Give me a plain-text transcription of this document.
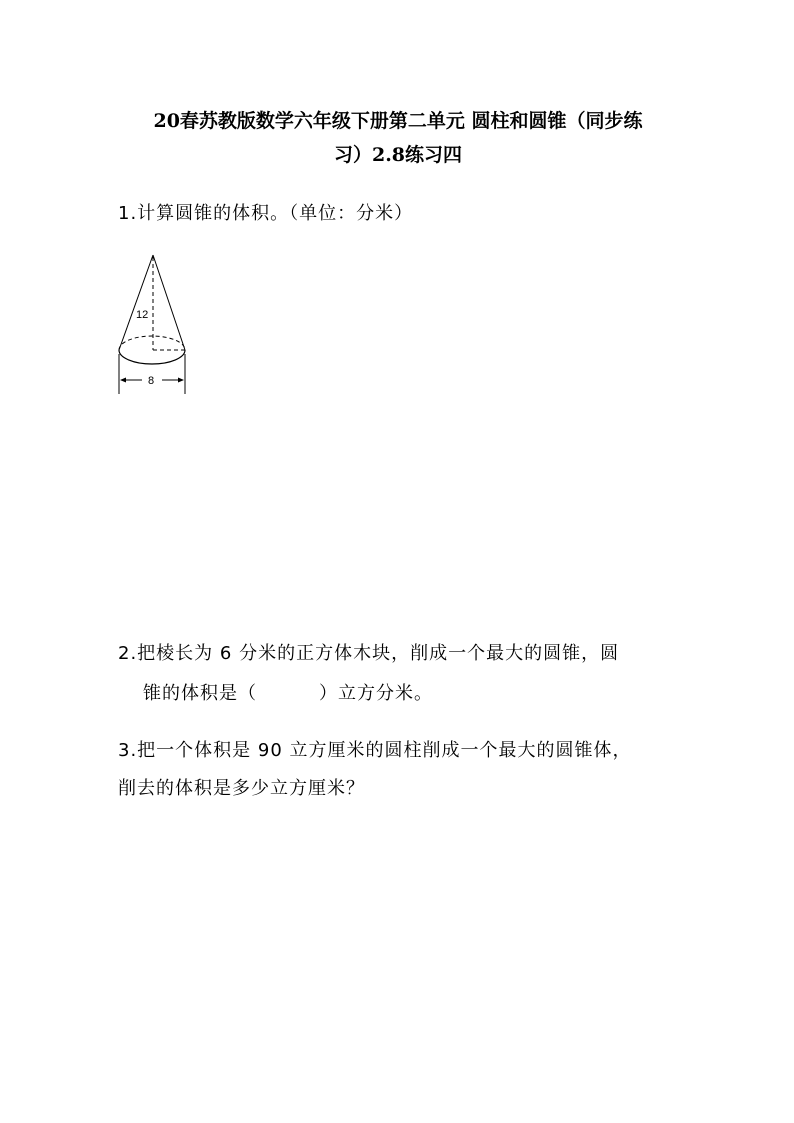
20春苏教版数学六年级下册第二单元 圆柱和圆锥（同步练
习）2.8练习四
1.计算圆锥的体积。（单位：分米）
12
8
2.把棱长为 6 分米的正方体木块，削成一个最大的圆锥，圆
锥的体积是（	）立方分米。
3.把一个体积是 90 立方厘米的圆柱削成一个最大的圆锥体，
削去的体积是多少立方厘米？
